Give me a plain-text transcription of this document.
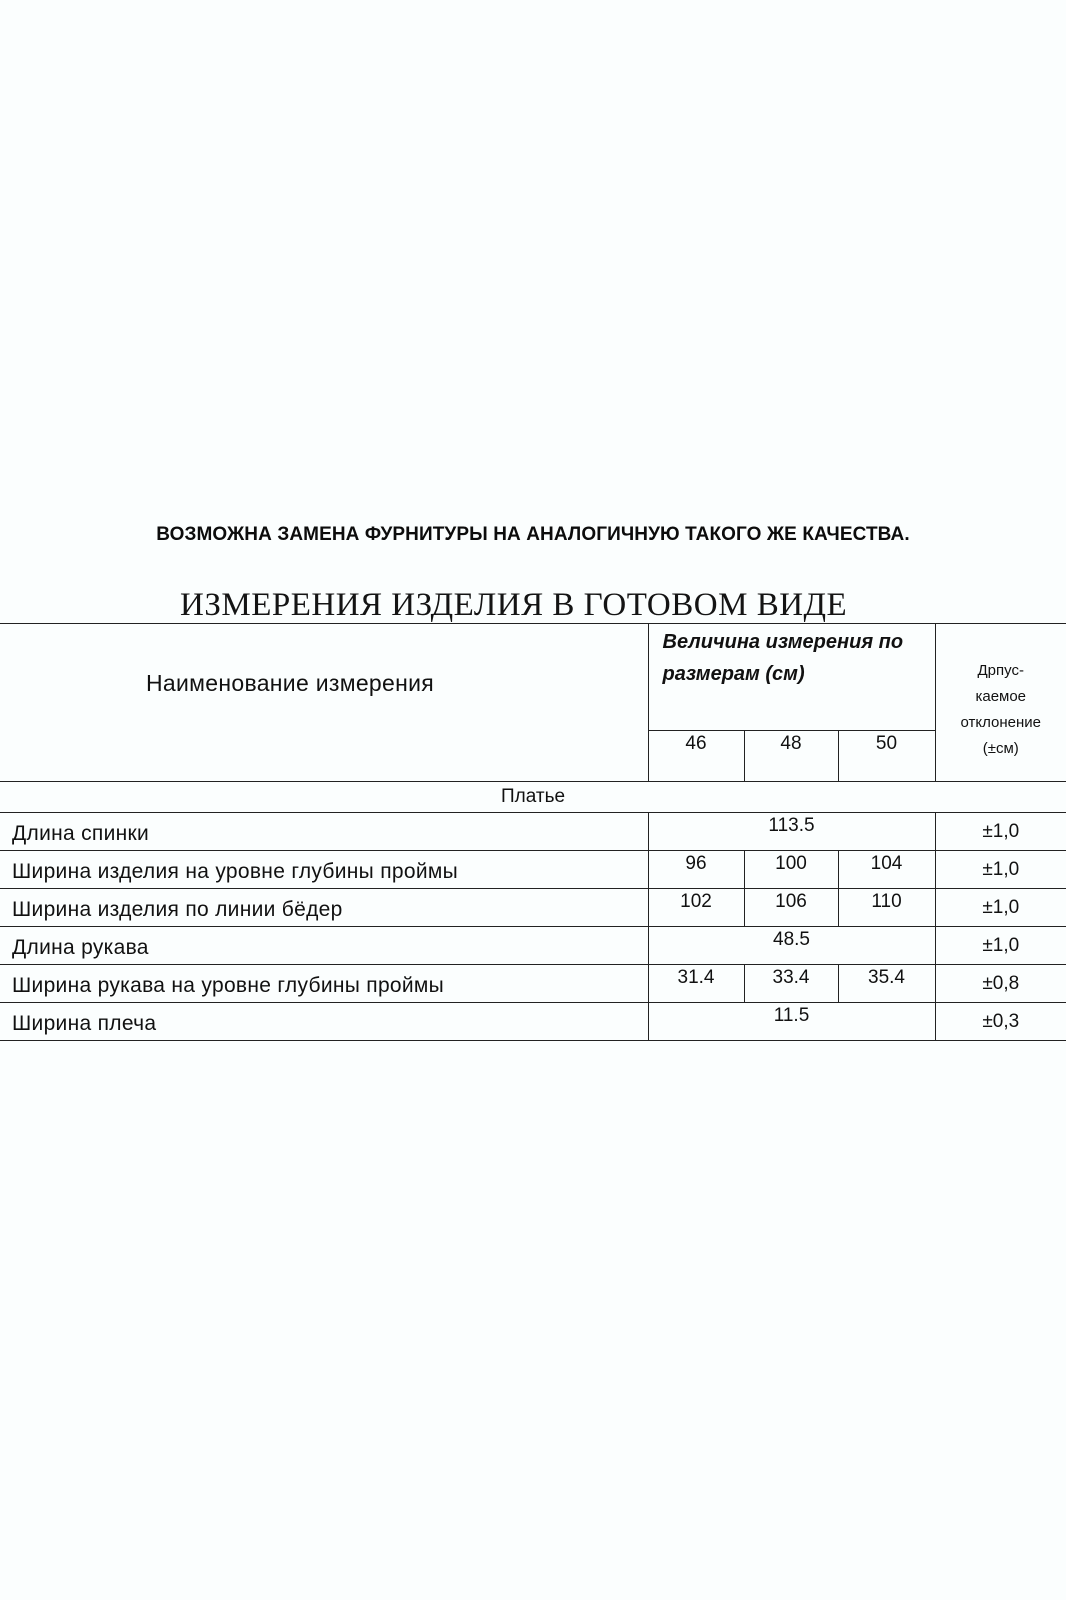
ВОЗМОЖНА ЗАМЕНА ФУРНИТУРЫ НА АНАЛОГИЧНУЮ ТАКОГО ЖЕ КАЧЕСТВА.
ИЗМЕРЕНИЯ ИЗДЕЛИЯ В ГОТОВОМ ВИДЕ
Наименование измерения	Величина измерения по размерам (см)			Дрпус-
каемое
отклонение
(±см)

	46	48	50	
Платье				
Длина спинки	113.5			±1,0
Ширина изделия на уровне глубины проймы	96	100	104	±1,0
Ширина изделия по линии бёдер	102	106	110	±1,0
Длина рукава	48.5			±1,0
Ширина рукава на уровне глубины проймы	31.4	33.4	35.4	±0,8
Ширина плеча	11.5			±0,3
